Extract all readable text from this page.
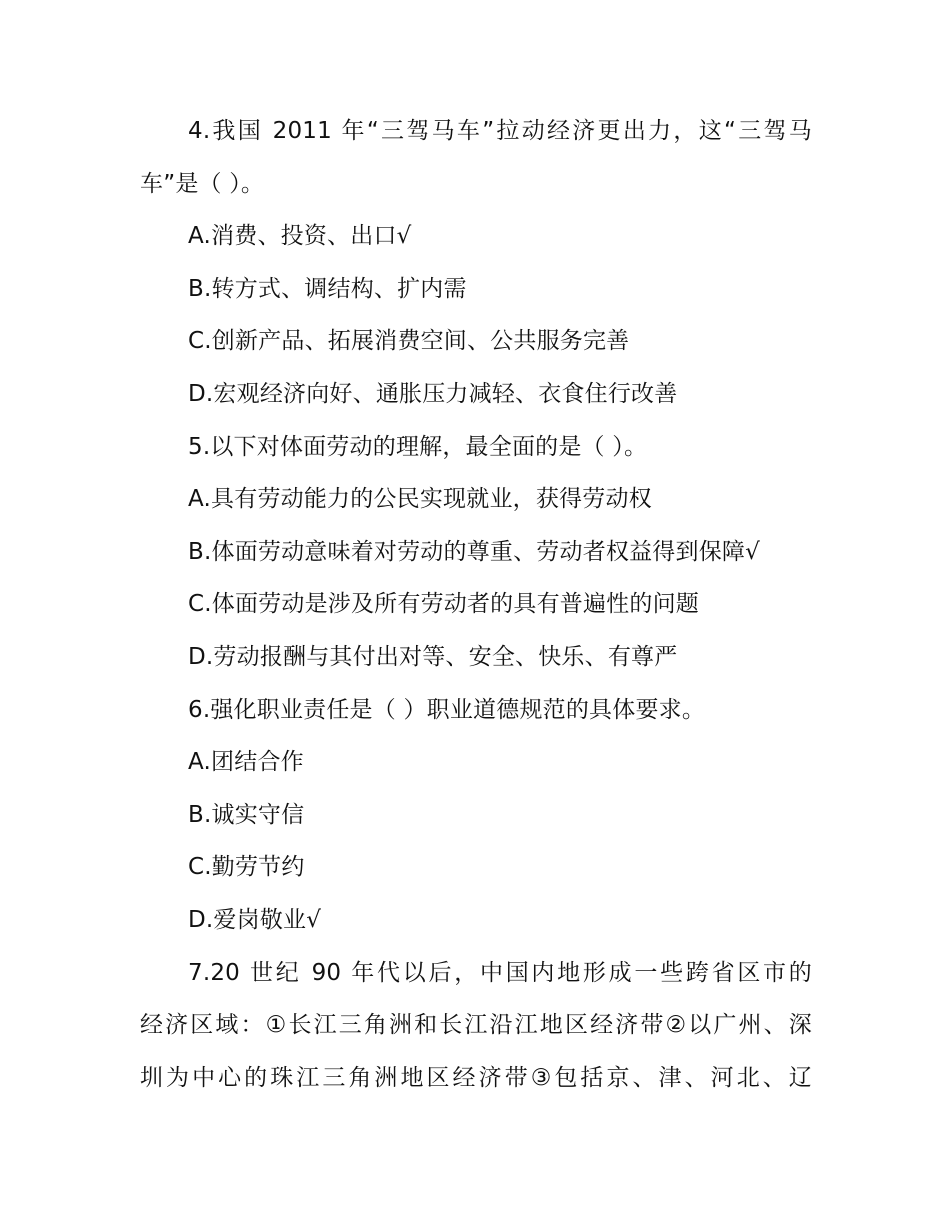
4.我国 2011 年“三驾马车”拉动经济更出力，这“三驾马
车”是（ ）。
A.消费、投资、出口√
B.转方式、调结构、扩内需
C.创新产品、拓展消费空间、公共服务完善
D.宏观经济向好、通胀压力减轻、衣食住行改善
5.以下对体面劳动的理解，最全面的是（ ）。
A.具有劳动能力的公民实现就业，获得劳动权
B.体面劳动意味着对劳动的尊重、劳动者权益得到保障√
C.体面劳动是涉及所有劳动者的具有普遍性的问题
D.劳动报酬与其付出对等、安全、快乐、有尊严
6.强化职业责任是（ ）职业道德规范的具体要求。
A.团结合作
B.诚实守信
C.勤劳节约
D.爱岗敬业√
7.20 世纪 90 年代以后，中国内地形成一些跨省区市的
经济区域：①长江三角洲和长江沿江地区经济带②以广州、深
圳为中心的珠江三角洲地区经济带③包括京、津、河北、辽
